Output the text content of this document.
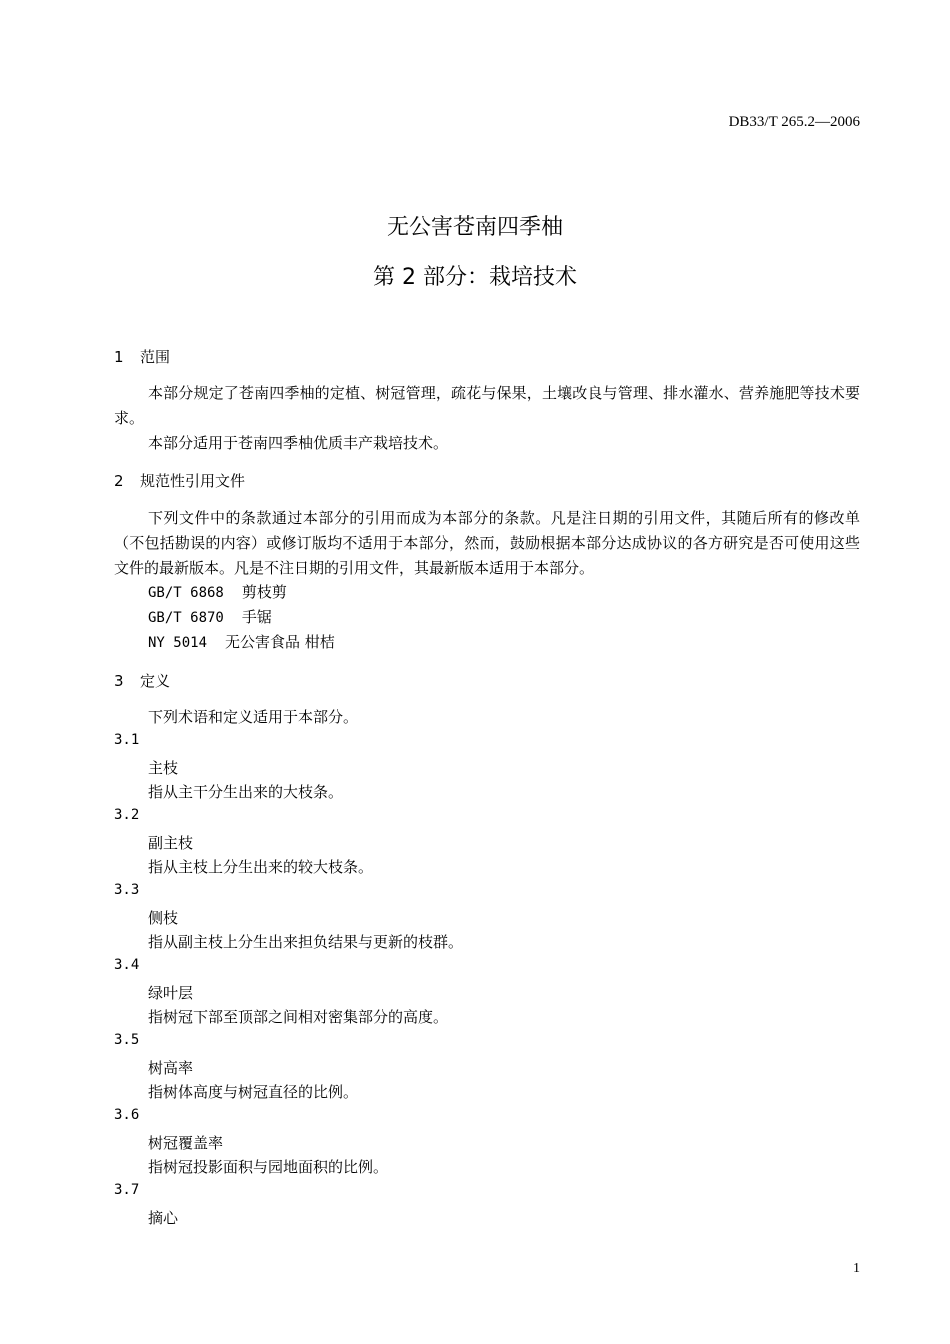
DB33/T 265.2—2006
无公害苍南四季柚
第 2 部分：栽培技术
1 范围
本部分规定了苍南四季柚的定植、树冠管理，疏花与保果，土壤改良与管理、排水灌水、营养施肥等技术要求。
本部分适用于苍南四季柚优质丰产栽培技术。
2 规范性引用文件
下列文件中的条款通过本部分的引用而成为本部分的条款。凡是注日期的引用文件，其随后所有的修改单（不包括勘误的内容）或修订版均不适用于本部分，然而，鼓励根据本部分达成协议的各方研究是否可使用这些文件的最新版本。凡是不注日期的引用文件，其最新版本适用于本部分。
GB/T 6868 剪枝剪
GB/T 6870 手锯
NY 5014 无公害食品 柑桔
3 定义
下列术语和定义适用于本部分。
3.1
主枝
指从主干分生出来的大枝条。
3.2
副主枝
指从主枝上分生出来的较大枝条。
3.3
侧枝
指从副主枝上分生出来担负结果与更新的枝群。
3.4
绿叶层
指树冠下部至顶部之间相对密集部分的高度。
3.5
树高率
指树体高度与树冠直径的比例。
3.6
树冠覆盖率
指树冠投影面积与园地面积的比例。
3.7
摘心
1
